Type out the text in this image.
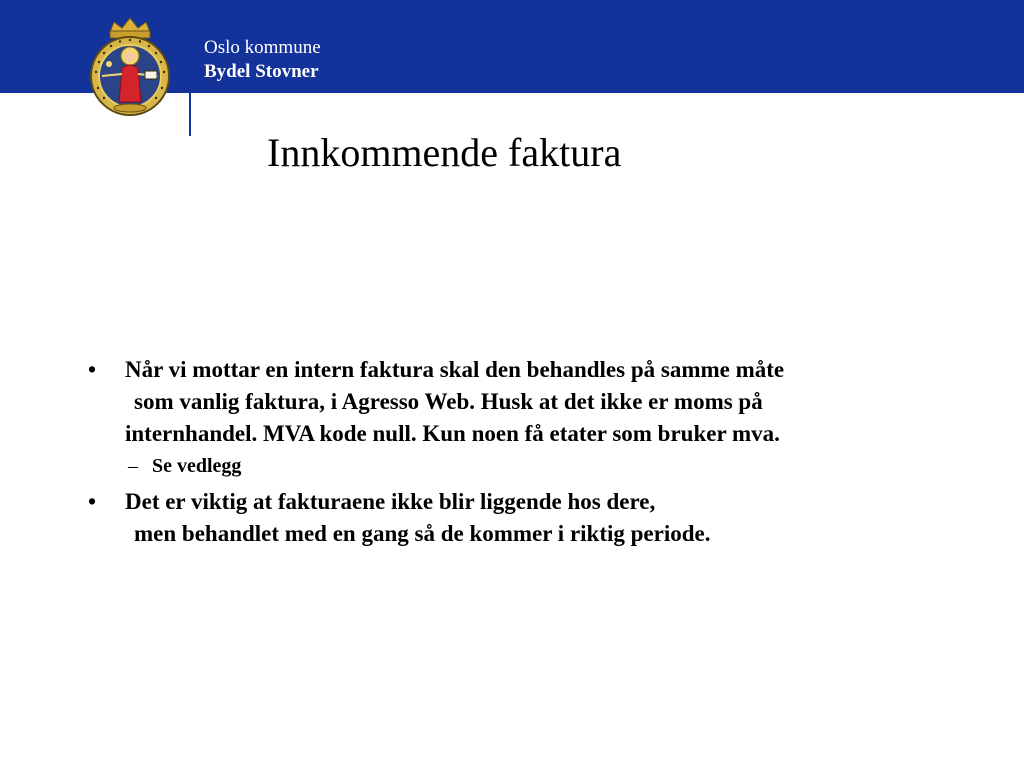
Oslo kommune
Bydel Stovner
Innkommende faktura
• Når vi mottar en intern faktura skal den behandles på samme måte
som vanlig faktura, i Agresso Web. Husk at det ikke er moms på
internhandel. MVA kode null. Kun noen få etater som bruker mva.
– Se vedlegg
• Det er viktig at fakturaene ikke blir liggende hos dere,
men behandlet med en gang så de kommer i riktig periode.
